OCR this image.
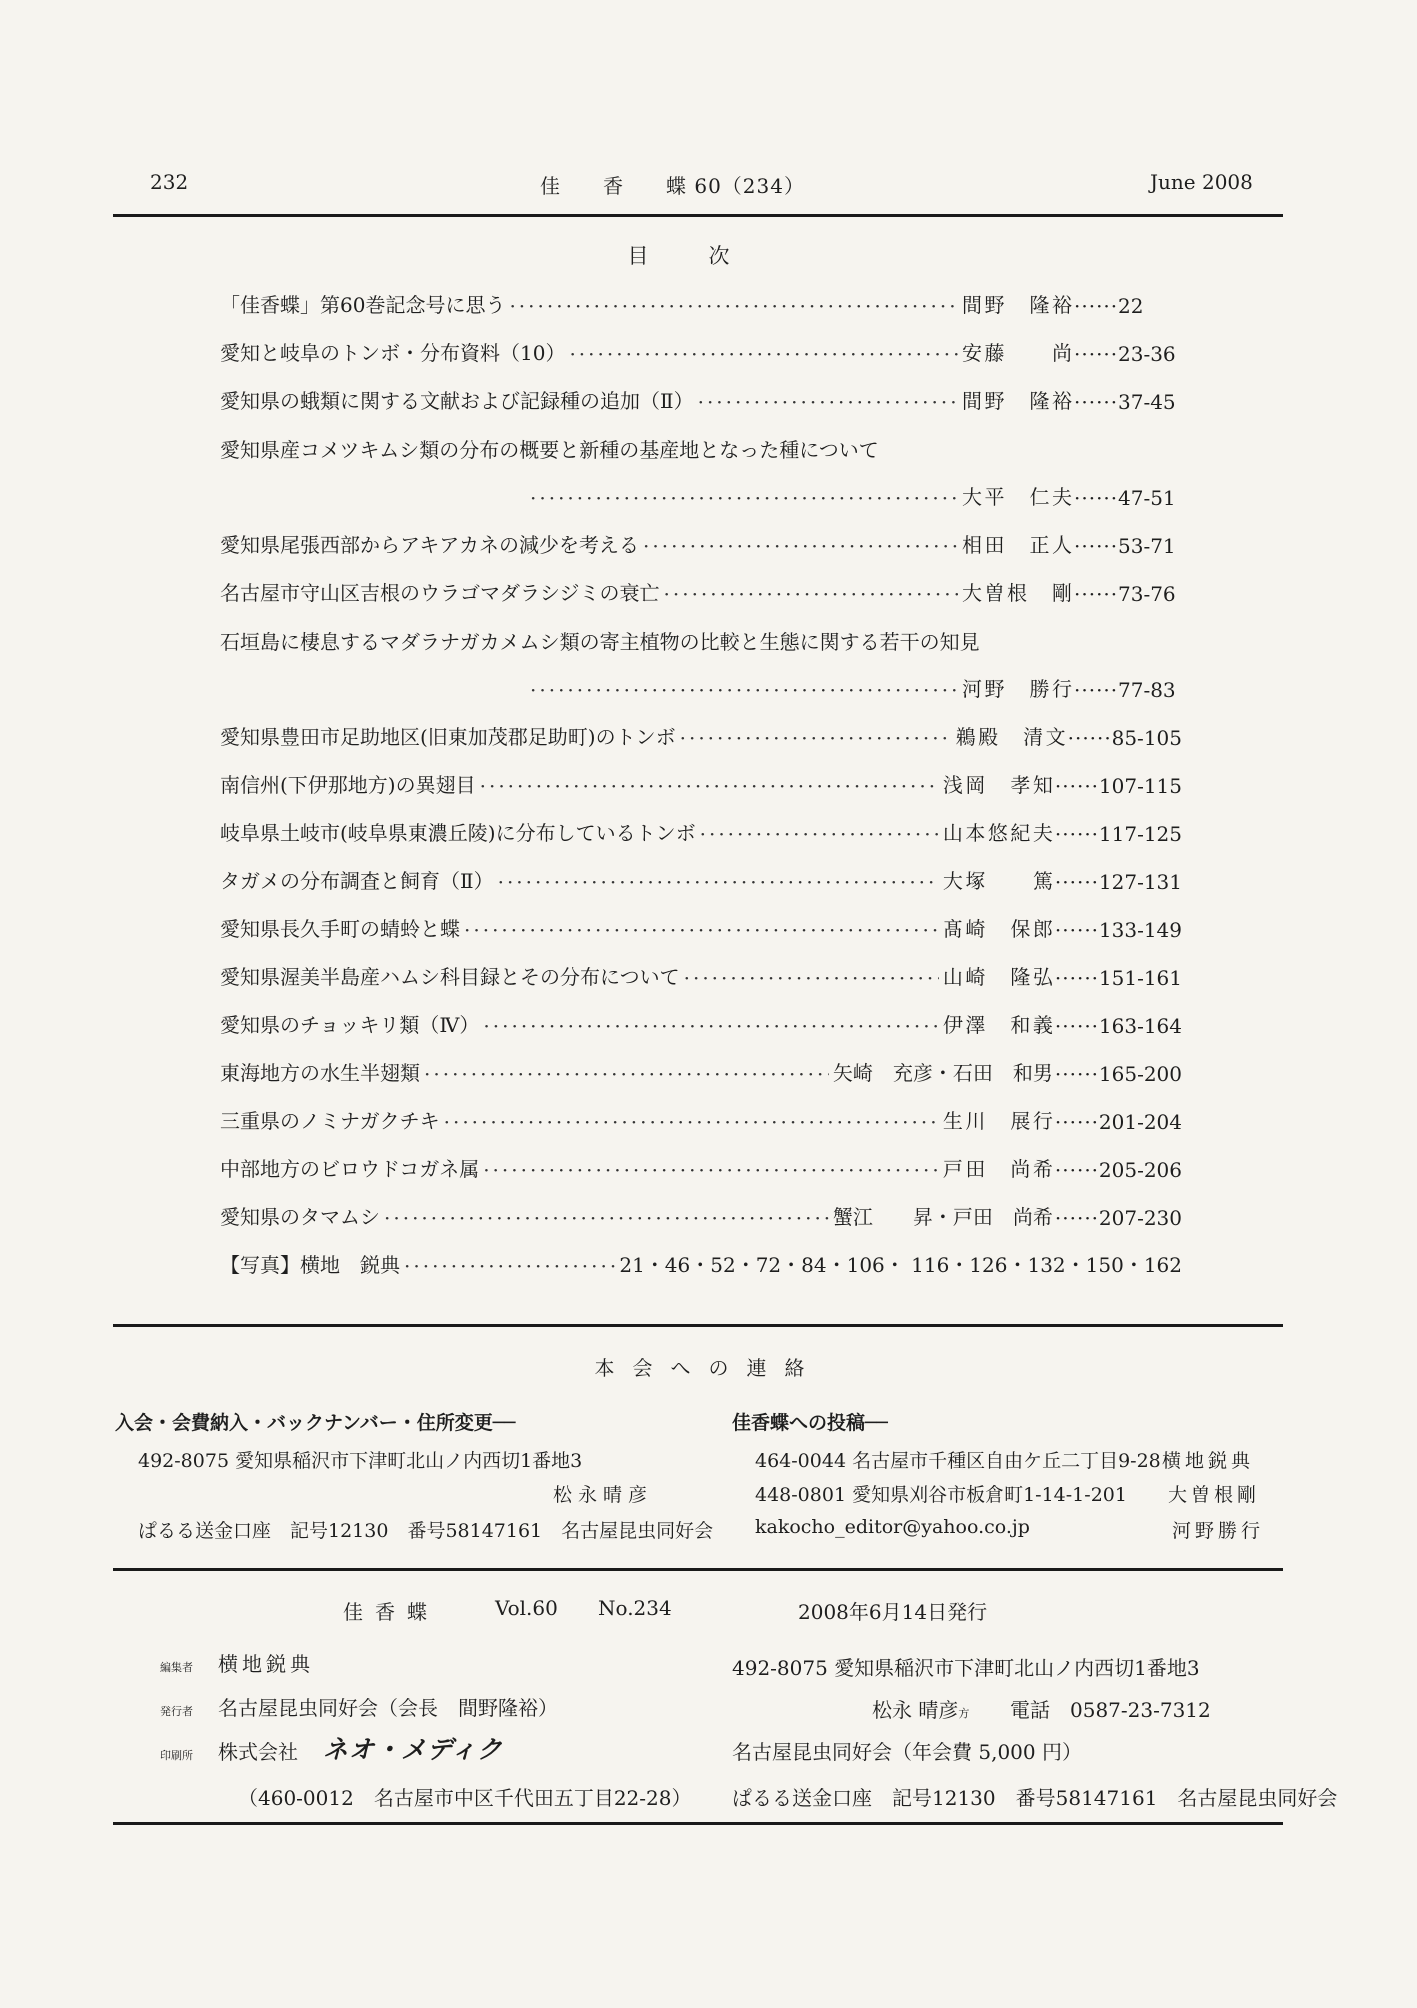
232	佳　　香　　蝶 60（234）	June 2008
目次
「佳香蝶」第60巻記念号に思う ·····	間野　隆裕 ······ 22
愛知と岐阜のトンボ・分布資料（10） ·····	安藤　　尚 ······ 23-36
愛知県の蛾類に関する文献および記録種の追加（Ⅱ） ·····	間野　隆裕 ······ 37-45
愛知県産コメツキムシ類の分布の概要と新種の基産地となった種について
·····
大平　仁夫 ······ 47-51
愛知県尾張西部からアキアカネの減少を考える ·····	相田　正人 ······ 53-71
名古屋市守山区吉根のウラゴマダラシジミの衰亡 ·····	大曽根　剛 ······ 73-76
石垣島に棲息するマダラナガカメムシ類の寄主植物の比較と生態に関する若干の知見
·····
河野　勝行 ······ 77-83
愛知県豊田市足助地区(旧東加茂郡足助町)のトンボ ·····	鵜殿　清文 ······ 85-105
南信州(下伊那地方)の異翅目 ·····	浅岡　孝知 ······ 107-115
岐阜県土岐市(岐阜県東濃丘陵)に分布しているトンボ ·····	山本悠紀夫 ······ 117-125
タガメの分布調査と飼育（Ⅱ） ·····	大塚　　篤 ······ 127-131
愛知県長久手町の蜻蛉と蝶 ·····	髙崎　保郎 ······ 133-149
愛知県渥美半島産ハムシ科目録とその分布について ·····	山崎　隆弘 ······ 151-161
愛知県のチョッキリ類（Ⅳ） ·····	伊澤　和義 ······ 163-164
東海地方の水生半翅類 ·····	矢崎　充彦・石田　和男 ······ 165-200
三重県のノミナガクチキ ·····	生川　展行 ······ 201-204
中部地方のビロウドコガネ属 ·····	戸田　尚希 ······ 205-206
愛知県のタマムシ ·····	蟹江　　昇・戸田　尚希 ······ 207-230
【写真】横地　鋭典 ·····	21・46・52・72・84・106・ 116・126・132・150・162
本会への連絡
入会・会費納入・バックナンバー・住所変更──
492-8075 愛知県稲沢市下津町北山ノ内西切1番地3
松永晴彦
ぱるる送金口座　記号12130　番号58147161　名古屋昆虫同好会
佳香蝶への投稿──
464-0044 名古屋市千種区自由ケ丘二丁目9-28 横地鋭典
448-0801 愛知県刈谷市板倉町1-14-1-201 大曽根剛
kakocho_editor@yahoo.co.jp	河野勝行
佳香蝶	Vol.60 No.234	2008年6月14日発行
編集者 横地鋭典
発行者 名古屋昆虫同好会（会長　間野隆裕）
印刷所 株式会社 ネオ・メディク
（460-0012　名古屋市中区千代田五丁目22-28）
492-8075 愛知県稲沢市下津町北山ノ内西切1番地3
松永 晴彦方 電話　0587-23-7312
名古屋昆虫同好会（年会費 5,000 円）
ぱるる送金口座　記号12130　番号58147161　名古屋昆虫同好会
